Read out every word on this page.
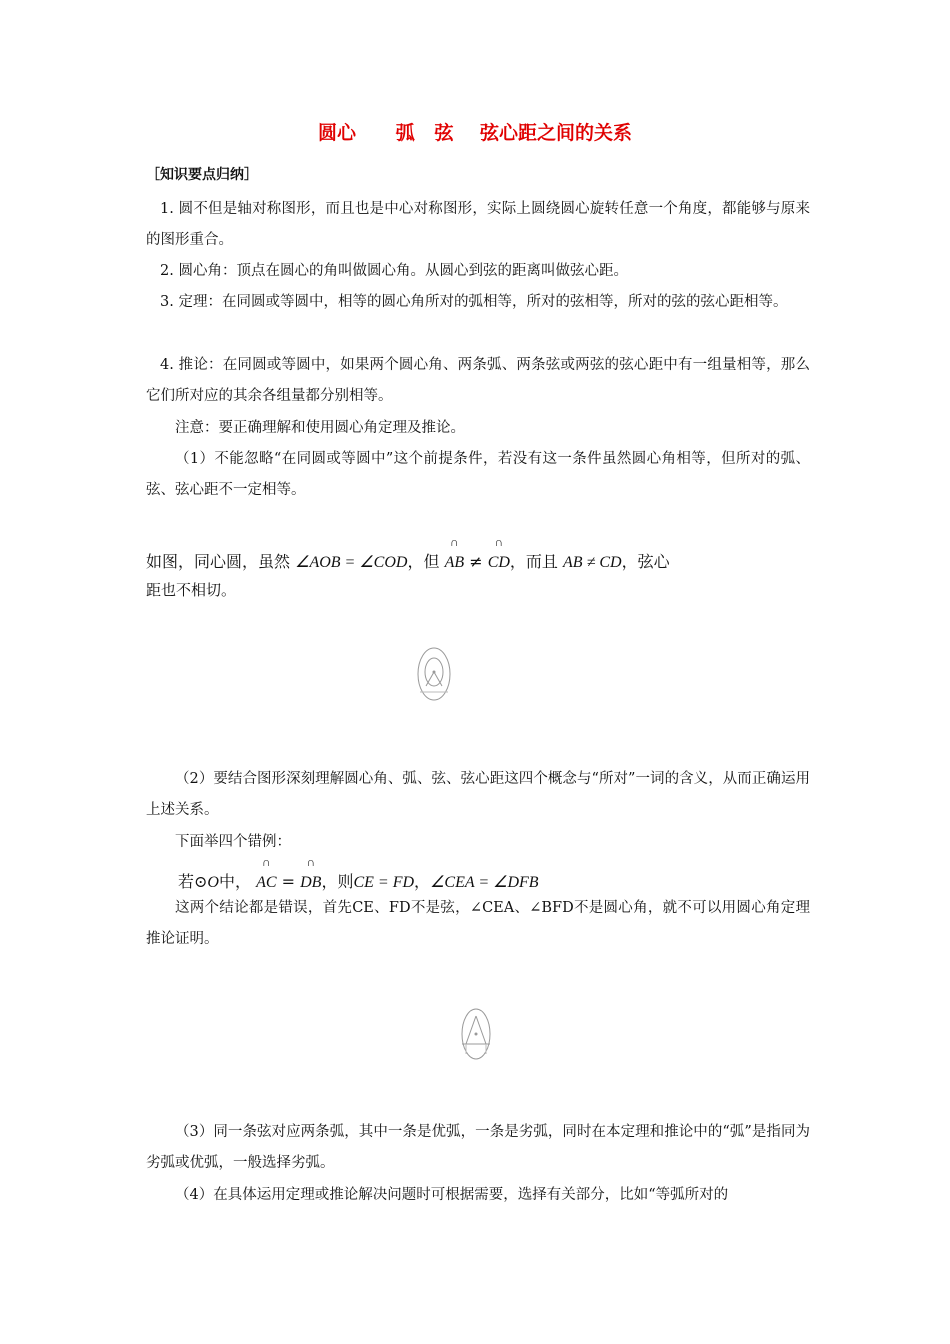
圆心      弧   弦    弦心距之间的关系
［知识要点归纳］
1. 圆不但是轴对称图形，而且也是中心对称图形，实际上圆绕圆心旋转任意一个角度，都能够与原来的图形重合。
2. 圆心角：顶点在圆心的角叫做圆心角。从圆心到弦的距离叫做弦心距。
3. 定理：在同圆或等圆中，相等的圆心角所对的弧相等，所对的弦相等，所对的弦的弦心距相等。
4. 推论：在同圆或等圆中，如果两个圆心角、两条弧、两条弦或两弦的弦心距中有一组量相等，那么它们所对应的其余各组量都分别相等。
注意：要正确理解和使用圆心角定理及推论。
（1）不能忽略“在同圆或等圆中”这个前提条件，若没有这一条件虽然圆心角相等，但所对的弧、弦、弦心距不一定相等。
如图，同心圆，虽然 ∠AOB = ∠COD，但 ∩ AB ≠ ∩ CD，而且 AB ≠ CD，弦心
距也不相切。
（2）要结合图形深刻理解圆心角、弧、弦、弦心距这四个概念与“所对”一词的含义，从而正确运用上述关系。
下面举四个错例：
若⊙O中， ∩ AC = ∩ DB，则CE = FD，∠CEA = ∠DFB
这两个结论都是错误，首先CE、FD不是弦，∠CEA、∠BFD不是圆心角，就不可以用圆心角定理推论证明。
（3）同一条弦对应两条弧，其中一条是优弧，一条是劣弧，同时在本定理和推论中的“弧”是指同为劣弧或优弧，一般选择劣弧。
（4）在具体运用定理或推论解决问题时可根据需要，选择有关部分，比如“等弧所对的
